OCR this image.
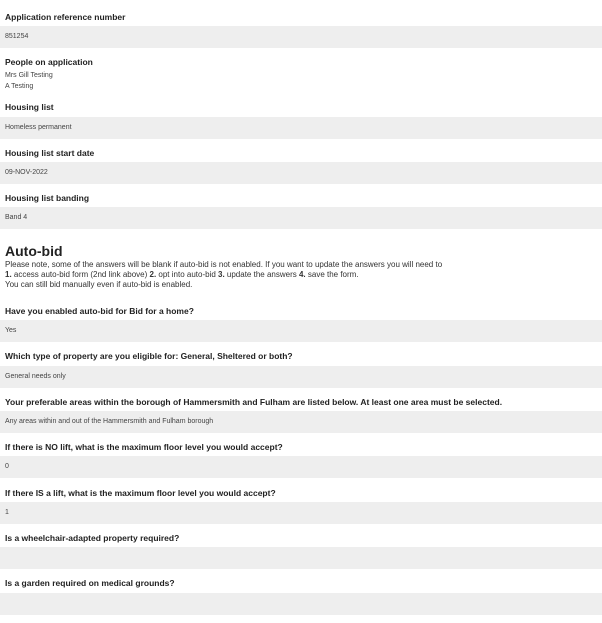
Application reference number
851254
People on application
Mrs Gill Testing
A Testing
Housing list
Homeless permanent
Housing list start date
09-NOV-2022
Housing list banding
Band 4
Auto-bid
Please note, some of the answers will be blank if auto-bid is not enabled. If you want to update the answers you will need to
1. access auto-bid form (2nd link above) 2. opt into auto-bid 3. update the answers 4. save the form.
You can still bid manually even if auto-bid is enabled.
Have you enabled auto-bid for Bid for a home?
Yes
Which type of property are you eligible for: General, Sheltered or both?
General needs only
Your preferable areas within the borough of Hammersmith and Fulham are listed below. At least one area must be selected.
Any areas within and out of the Hammersmith and Fulham borough
If there is NO lift, what is the maximum floor level you would accept?
0
If there IS a lift, what is the maximum floor level you would accept?
1
Is a wheelchair-adapted property required?
Is a garden required on medical grounds?
